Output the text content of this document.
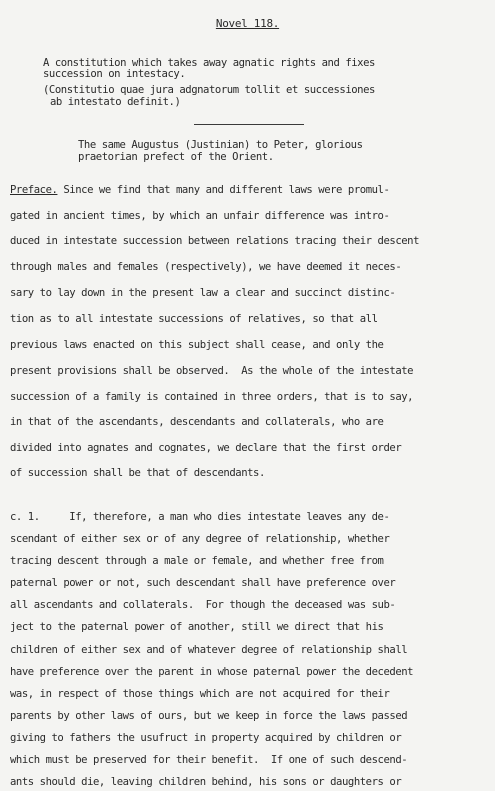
Novel 118.
A constitution which takes away agnatic rights and fixes
succession on intestacy.
(Constitutio quae jura adgnatorum tollit et successiones
ab intestato definit.)
The same Augustus (Justinian) to Peter, glorious
praetorian prefect of the Orient.
Preface. Since we find that many and different laws were promul-
gated in ancient times, by which an unfair difference was intro-
duced in intestate succession between relations tracing their descent
through males and females (respectively), we have deemed it neces-
sary to lay down in the present law a clear and succinct distinc-
tion as to all intestate successions of relatives, so that all
previous laws enacted on this subject shall cease, and only the
present provisions shall be observed.  As the whole of the intestate
succession of a family is contained in three orders, that is to say,
in that of the ascendants, descendants and collaterals, who are
divided into agnates and cognates, we declare that the first order
of succession shall be that of descendants.
c. 1.     If, therefore, a man who dies intestate leaves any de-
scendant of either sex or of any degree of relationship, whether
tracing descent through a male or female, and whether free from
paternal power or not, such descendant shall have preference over
all ascendants and collaterals.  For though the deceased was sub-
ject to the paternal power of another, still we direct that his
children of either sex and of whatever degree of relationship shall
have preference over the parent in whose paternal power the decedent
was, in respect of those things which are not acquired for their
parents by other laws of ours, but we keep in force the laws passed
giving to fathers the usufruct in property acquired by children or
which must be preserved for their benefit.  If one of such descend-
ants should die, leaving children behind, his sons or daughters or
